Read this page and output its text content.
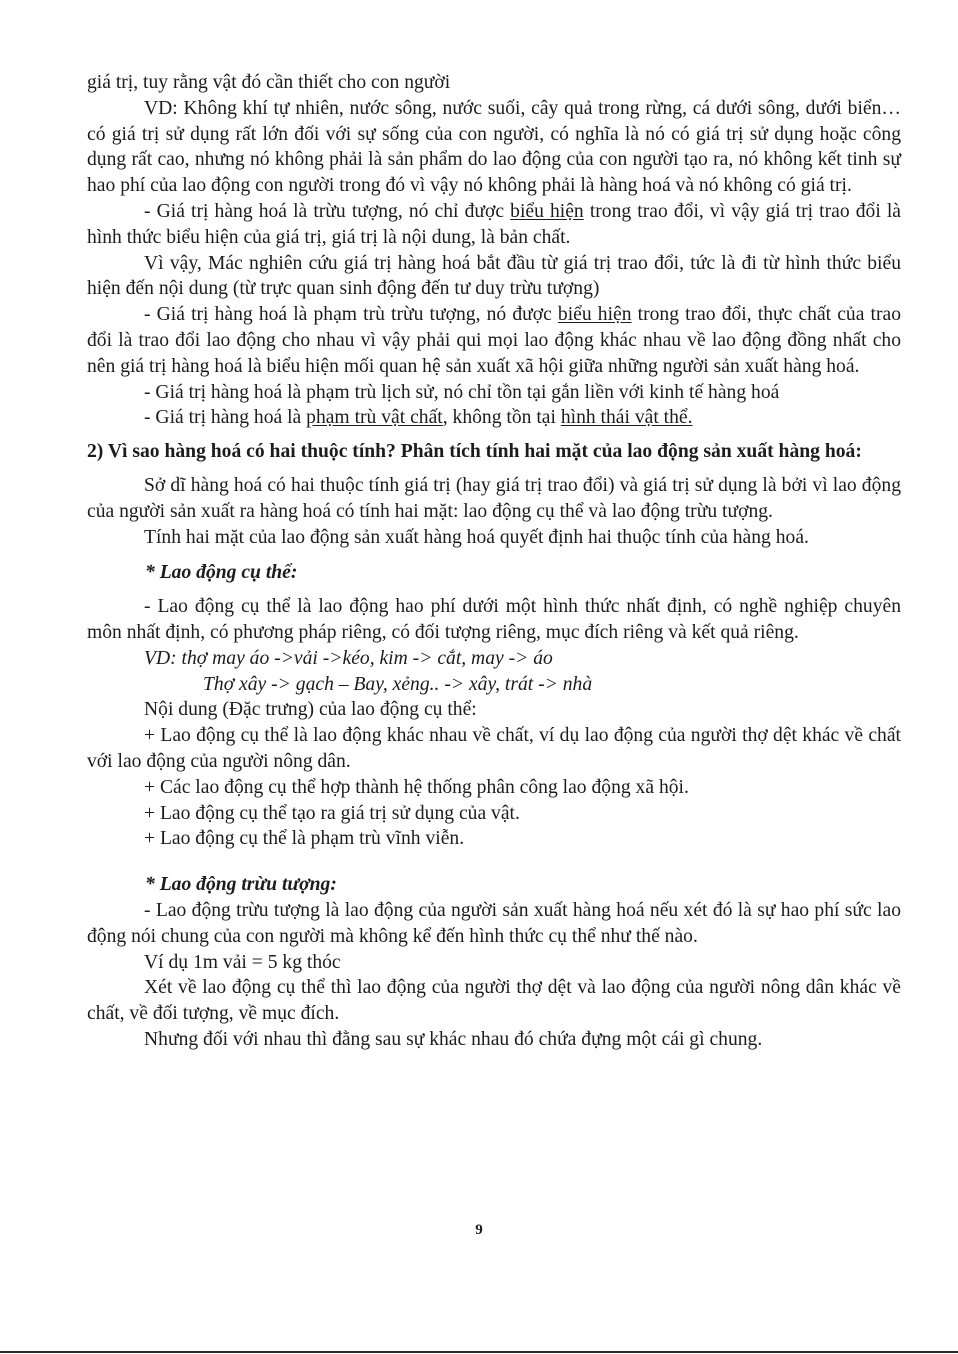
giá trị, tuy rằng vật đó cần thiết cho con người

VD: Không khí tự nhiên, nước sông, nước suối, cây quả trong rừng, cá dưới sông, dưới biển… có giá trị sử dụng rất lớn đối với sự sống của con người, có nghĩa là nó có giá trị sử dụng hoặc công dụng rất cao, nhưng nó không phải là sản phẩm do lao động của con người tạo ra, nó không kết tinh sự hao phí của lao động con người trong đó vì vậy nó không phải là hàng hoá và nó không có giá trị.

- Giá trị hàng hoá là trừu tượng, nó chỉ được biểu hiện trong trao đổi, vì vậy giá trị trao đổi là hình thức biểu hiện của giá trị, giá trị là nội dung, là bản chất.

Vì vậy, Mác nghiên cứu giá trị hàng hoá bắt đầu từ giá trị trao đổi, tức là đi từ hình thức biểu hiện đến nội dung (từ trực quan sinh động đến tư duy trừu tượng)

- Giá trị hàng hoá là phạm trù trừu tượng, nó được biểu hiện trong trao đổi, thực chất của trao đổi là trao đổi lao động cho nhau vì vậy phải qui mọi lao động khác nhau về lao động đồng nhất cho nên giá trị hàng hoá là biểu hiện mối quan hệ sản xuất xã hội giữa những người sản xuất hàng hoá.

- Giá trị hàng hoá là phạm trù lịch sử, nó chỉ tồn tại gắn liền với kinh tế hàng hoá

- Giá trị hàng hoá là phạm trù vật chất, không tồn tại hình thái vật thể.

2) Vì sao hàng hoá có hai thuộc tính? Phân tích tính hai mặt của lao động sản xuất hàng hoá:

Sở dĩ hàng hoá có hai thuộc tính giá trị (hay giá trị trao đổi) và giá trị sử dụng là bởi vì lao động của người sản xuất ra hàng hoá có tính hai mặt: lao động cụ thể và lao động trừu tượng.

Tính hai mặt của lao động sản xuất hàng hoá quyết định hai thuộc tính của hàng hoá.

* Lao động cụ thể:

- Lao động cụ thể là lao động hao phí dưới một hình thức nhất định, có nghề nghiệp chuyên môn nhất định, có phương pháp riêng, có đối tượng riêng, mục đích riêng và kết quả riêng.

VD: thợ may áo ->vải ->kéo, kim -> cắt, may -> áo

Thợ xây -> gạch – Bay, xẻng.. -> xây, trát -> nhà

Nội dung (Đặc trưng) của lao động cụ thể:

+ Lao động cụ thể là lao động khác nhau về chất, ví dụ lao động của người thợ dệt khác về chất với lao động của người nông dân.

+ Các lao động cụ thể hợp thành hệ thống phân công lao động xã hội.

+ Lao động cụ thể tạo ra giá trị sử dụng của vật.

+ Lao động cụ thể là phạm trù vĩnh viễn.

* Lao động trừu tượng:

- Lao động trừu tượng là lao động của người sản xuất hàng hoá nếu xét đó là sự hao phí sức lao động nói chung của con người mà không kể đến hình thức cụ thể như thế nào.

Ví dụ 1m vải = 5 kg thóc

Xét về lao động cụ thể thì lao động của người thợ dệt và lao động của người nông dân khác về chất, về đối tượng, về mục đích.

Nhưng đối với nhau thì đằng sau sự khác nhau đó chứa đựng một cái gì chung.

9
